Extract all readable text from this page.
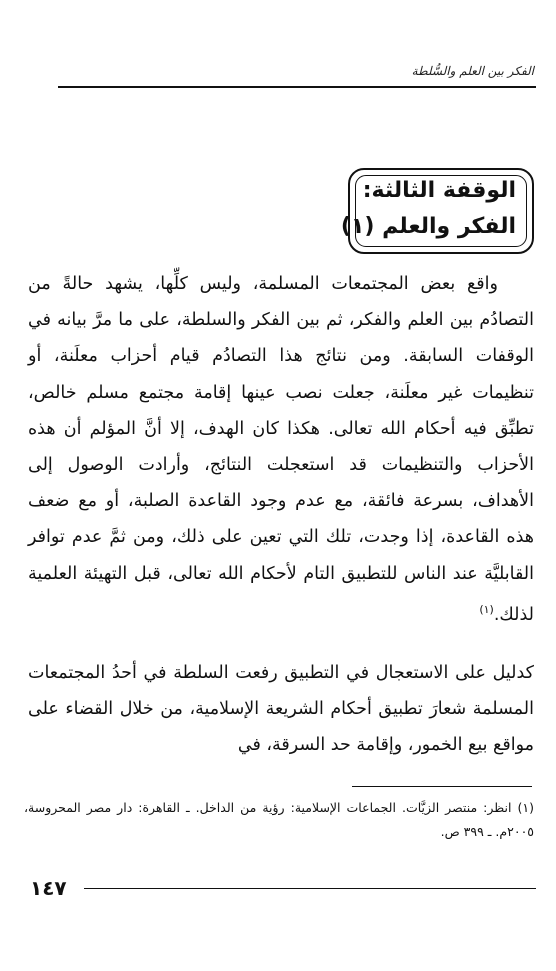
الفكر بين العلم والسُّلطة
الوقفة الثالثة:
الفكر والعلم (١)
واقع بعض المجتمعات المسلمة، وليس كلِّها، يشهد حالةً من التصادُم بين العلم والفكر، ثم بين الفكر والسلطة، على ما مرَّ بيانه في الوقفات السابقة. ومن نتائج هذا التصادُم قيام أحزاب معلَنة، أو تنظيمات غير معلَنة، جعلت نصب عينها إقامة مجتمع مسلم خالص، تطبِّق فيه أحكام الله تعالى. هكذا كان الهدف، إلا أنَّ المؤلم أن هذه الأحزاب والتنظيمات قد استعجلت النتائج، وأرادت الوصول إلى الأهداف، بسرعة فائقة، مع عدم وجود القاعدة الصلبة، أو مع ضعف هذه القاعدة، إذا وجدت، تلك التي تعين على ذلك، ومن ثمَّ عدم توافر القابليَّة عند الناس للتطبيق التام لأحكام الله تعالى، قبل التهيئة العلمية لذلك.$^{(١)}$
كدليل على الاستعجال في التطبيق رفعت السلطة في أحدُ المجتمعات المسلمة شعارَ تطبيق أحكام الشريعة الإسلامية، من خلال القضاء على مواقع بيع الخمور، وإقامة حد السرقة، في
(١) انظر: منتصر الزيَّات. الجماعات الإسلامية: رؤية من الداخل. ـ القاهرة: دار مصر المحروسة، ٢٠٠٥م. ـ ٣٩٩ ص.
١٤٧
